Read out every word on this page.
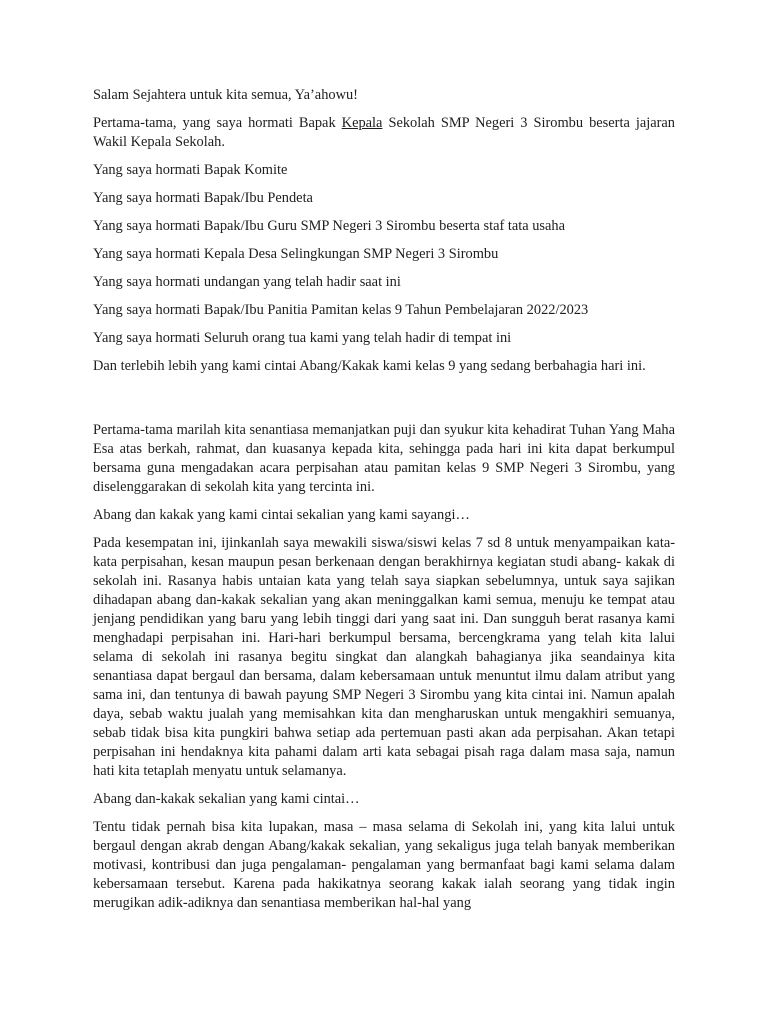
Salam Sejahtera untuk kita semua, Ya’ahowu!

Pertama-tama, yang saya hormati Bapak Kepala Sekolah SMP Negeri 3 Sirombu beserta jajaran Wakil Kepala Sekolah.

Yang saya hormati Bapak Komite

Yang saya hormati Bapak/Ibu Pendeta

Yang saya hormati Bapak/Ibu Guru SMP Negeri 3 Sirombu beserta staf tata usaha

Yang saya hormati Kepala Desa Selingkungan SMP Negeri 3 Sirombu

Yang saya hormati undangan yang telah hadir saat ini

Yang saya hormati Bapak/Ibu Panitia Pamitan kelas 9 Tahun Pembelajaran 2022/2023

Yang saya hormati Seluruh orang tua kami yang telah hadir di tempat ini

Dan terlebih lebih yang kami cintai Abang/Kakak kami kelas 9 yang sedang berbahagia hari ini.

Pertama-tama marilah kita senantiasa memanjatkan puji dan syukur kita kehadirat Tuhan Yang Maha Esa atas berkah, rahmat, dan kuasanya kepada kita, sehingga pada hari ini kita dapat berkumpul bersama guna mengadakan acara perpisahan atau pamitan kelas 9 SMP Negeri 3 Sirombu, yang diselenggarakan di sekolah kita yang tercinta ini.

Abang dan kakak yang kami cintai sekalian yang kami sayangi…

Pada kesempatan ini, ijinkanlah saya mewakili siswa/siswi kelas 7 sd 8 untuk menyampaikan kata-kata perpisahan, kesan maupun pesan berkenaan dengan berakhirnya kegiatan studi abang- kakak di sekolah ini. Rasanya habis untaian kata yang telah saya siapkan sebelumnya, untuk saya sajikan dihadapan abang dan-kakak sekalian yang akan meninggalkan kami semua, menuju ke tempat atau jenjang pendidikan yang baru yang lebih tinggi dari yang saat ini. Dan sungguh berat rasanya kami menghadapi perpisahan ini. Hari-hari berkumpul bersama, bercengkrama yang telah kita lalui selama di sekolah ini rasanya begitu singkat dan alangkah bahagianya jika seandainya kita senantiasa dapat bergaul dan bersama, dalam kebersamaan untuk menuntut ilmu dalam atribut yang sama ini, dan tentunya di bawah payung SMP Negeri 3 Sirombu yang kita cintai ini. Namun apalah daya, sebab waktu jualah yang memisahkan kita dan mengharuskan untuk mengakhiri semuanya, sebab tidak bisa kita pungkiri bahwa setiap ada pertemuan pasti akan ada perpisahan. Akan tetapi perpisahan ini hendaknya kita pahami dalam arti kata sebagai pisah raga dalam masa saja, namun hati kita tetaplah menyatu untuk selamanya.

Abang dan-kakak sekalian yang kami cintai…

Tentu tidak pernah bisa kita lupakan, masa – masa selama di Sekolah ini, yang kita lalui untuk bergaul dengan akrab dengan Abang/kakak sekalian, yang sekaligus juga telah banyak memberikan motivasi, kontribusi dan juga pengalaman- pengalaman yang bermanfaat bagi kami selama dalam kebersamaan tersebut. Karena pada hakikatnya seorang kakak ialah seorang yang tidak ingin merugikan adik-adiknya dan senantiasa memberikan hal-hal yang
